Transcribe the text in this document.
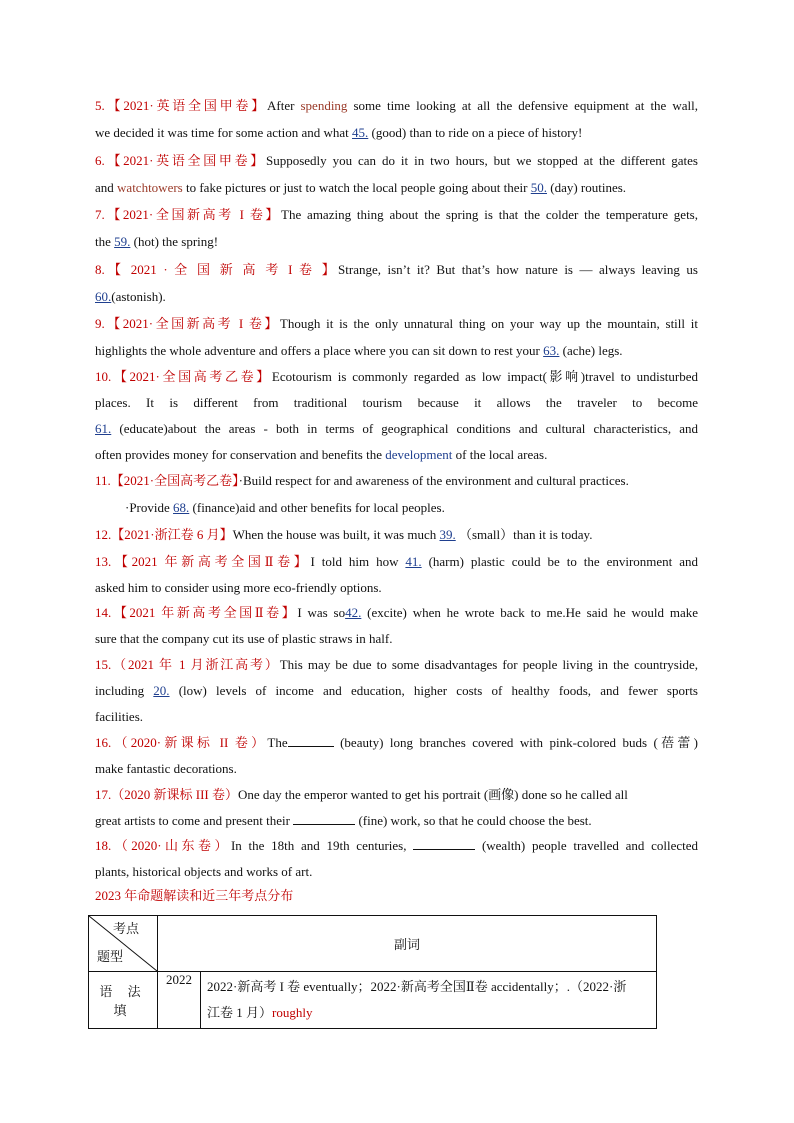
5.【2021·英语全国甲卷】After spending some time looking at all the defensive equipment at the wall,
we decided it was time for some action and what 45. (good) than to ride on a piece of history!
6.【2021·英语全国甲卷】Supposedly you can do it in two hours, but we stopped at the different gates
and watchtowers to fake pictures or just to watch the local people going about their 50. (day) routines.
7.【2021·全国新高考 I 卷】The amazing thing about the spring is that the colder the temperature gets,
the 59. (hot) the spring!
8.【 2021 · 全 国 新 高 考 I 卷 】Strange, isn’t it? But that’s how nature is — always leaving us
60.(astonish).
9.【2021·全国新高考 I 卷】Though it is the only unnatural thing on your way up the mountain, still it
highlights the whole adventure and offers a place where you can sit down to rest your 63. (ache) legs.
10.【2021·全国高考乙卷】Ecotourism is commonly regarded as low impact(影响)travel to undisturbed
places. It is different from traditional tourism because it allows the traveler to become
61. (educate)about the areas - both in terms of geographical conditions and cultural characteristics, and
often provides money for conservation and benefits the development of the local areas.
11.【2021·全国高考乙卷】·Build respect for and awareness of the environment and cultural practices.
·Provide 68. (finance)aid and other benefits for local peoples.
12.【2021·浙江卷 6 月】When the house was built, it was much 39. （small）than it is today.
13.【2021 年新高考全国Ⅱ卷】I told him how 41. (harm) plastic could be to the environment and
asked him to consider using more eco-friendly options.
14.【2021 年新高考全国Ⅱ卷】I was so42. (excite) when he wrote back to me.He said he would make
sure that the company cut its use of plastic straws in half.
15.（2021 年 1 月浙江高考）This may be due to some disadvantages for people living in the countryside,
including 20. (low) levels of income and education, higher costs of healthy foods, and fewer sports
facilities.
16.（2020·新课标 II 卷）The	(beauty) long branches covered with pink-colored buds (蓓蕾)
make fantastic decorations.
17.（2020 新课标 III 卷）One day the emperor wanted to get his portrait (画像) done so he called all
great artists to come and present their	(fine) work, so that he could choose the best.
18.（2020·山东卷）In the 18th and 19th centuries,	(wealth) people travelled and collected
plants, historical objects and works of art.
2023 年命题解读和近三年考点分布
考点
题型	副词	
语 法 填	2022	2022·新高考 I 卷 eventually；2022·新高考全国Ⅱ卷 accidentally；.（2022·浙
江卷 1 月）roughly
